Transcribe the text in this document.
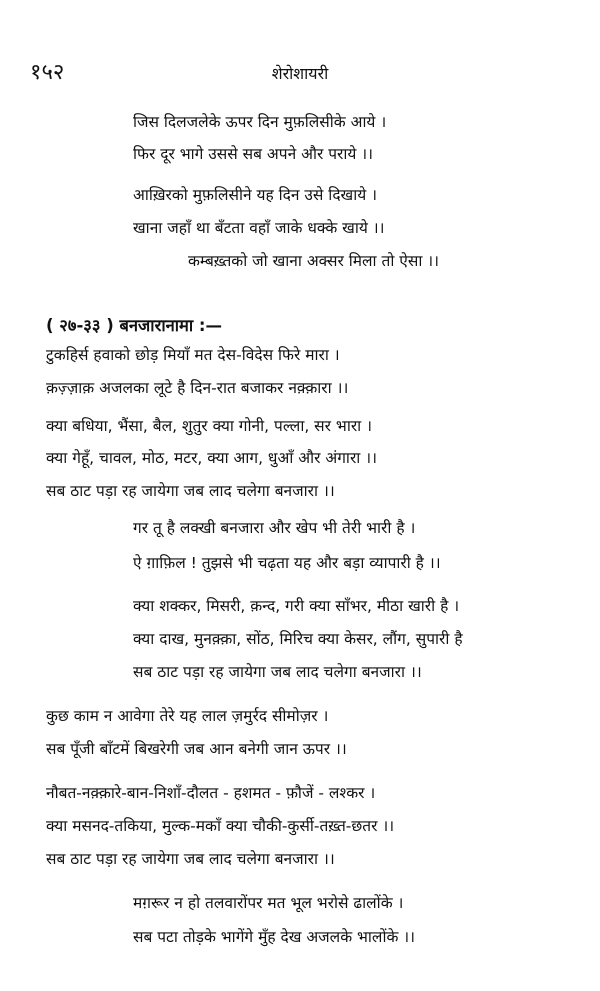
१५२	शेरोशायरी
जिस दिलजलेके ऊपर दिन मुफ़लिसीके आये ।
फिर दूर भागे उससे सब अपने और पराये ।।
आख़िरको मुफ़लिसीने यह दिन उसे दिखाये ।
खाना जहाँ था बँटता वहाँ जाके धक्के खाये ।।
कम्बख़्तको जो खाना अक्सर मिला तो ऐसा ।।
( २७-३३ ) बनजारानामा :—
टुकहिर्स हवाको छोड़ मियाँ मत देस-विदेस फिरे मारा ।
क़ज़्ज़ाक़ अजलका लूटे है दिन-रात बजाकर नक़्क़ारा ।।
क्या बधिया, भैंसा, बैल, शुतुर क्या गोनी, पल्ला, सर भारा ।
क्या गेहूँ, चावल, मोठ, मटर, क्या आग, धुआँ और अंगारा ।।
सब ठाट पड़ा रह जायेगा जब लाद चलेगा बनजारा ।।
गर तू है लक्खी बनजारा और खेप भी तेरी भारी है ।
ऐ ग़ाफ़िल ! तुझसे भी चढ़ता यह और बड़ा व्यापारी है ।।
क्या शक्कर, मिसरी, क़न्द, गरी क्या साँभर, मीठा खारी है ।
क्या दाख, मुनक़्क़ा, सोंठ, मिरिच क्या केसर, लौंग, सुपारी है
सब ठाट पड़ा रह जायेगा जब लाद चलेगा बनजारा ।।
कुछ काम न आवेगा तेरे यह लाल ज़मुर्रद सीमोज़र ।
सब पूँजी बाँटमें बिखरेगी जब आन बनेगी जान ऊपर ।।
नौबत-नक़्क़ारे-बान-निशाँ-दौलत - हशमत - फ़ौजें - लश्कर ।
क्या मसनद-तकिया, मुल्क-मकाँ क्या चौकी-कुर्सी-तख़्त-छतर ।।
सब ठाट पड़ा रह जायेगा जब लाद चलेगा बनजारा ।।
मग़रूर न हो तलवारोंपर मत भूल भरोसे ढालोंके ।
सब पटा तोड़के भागेंगे मुँह देख अजलके भालोंके ।।
